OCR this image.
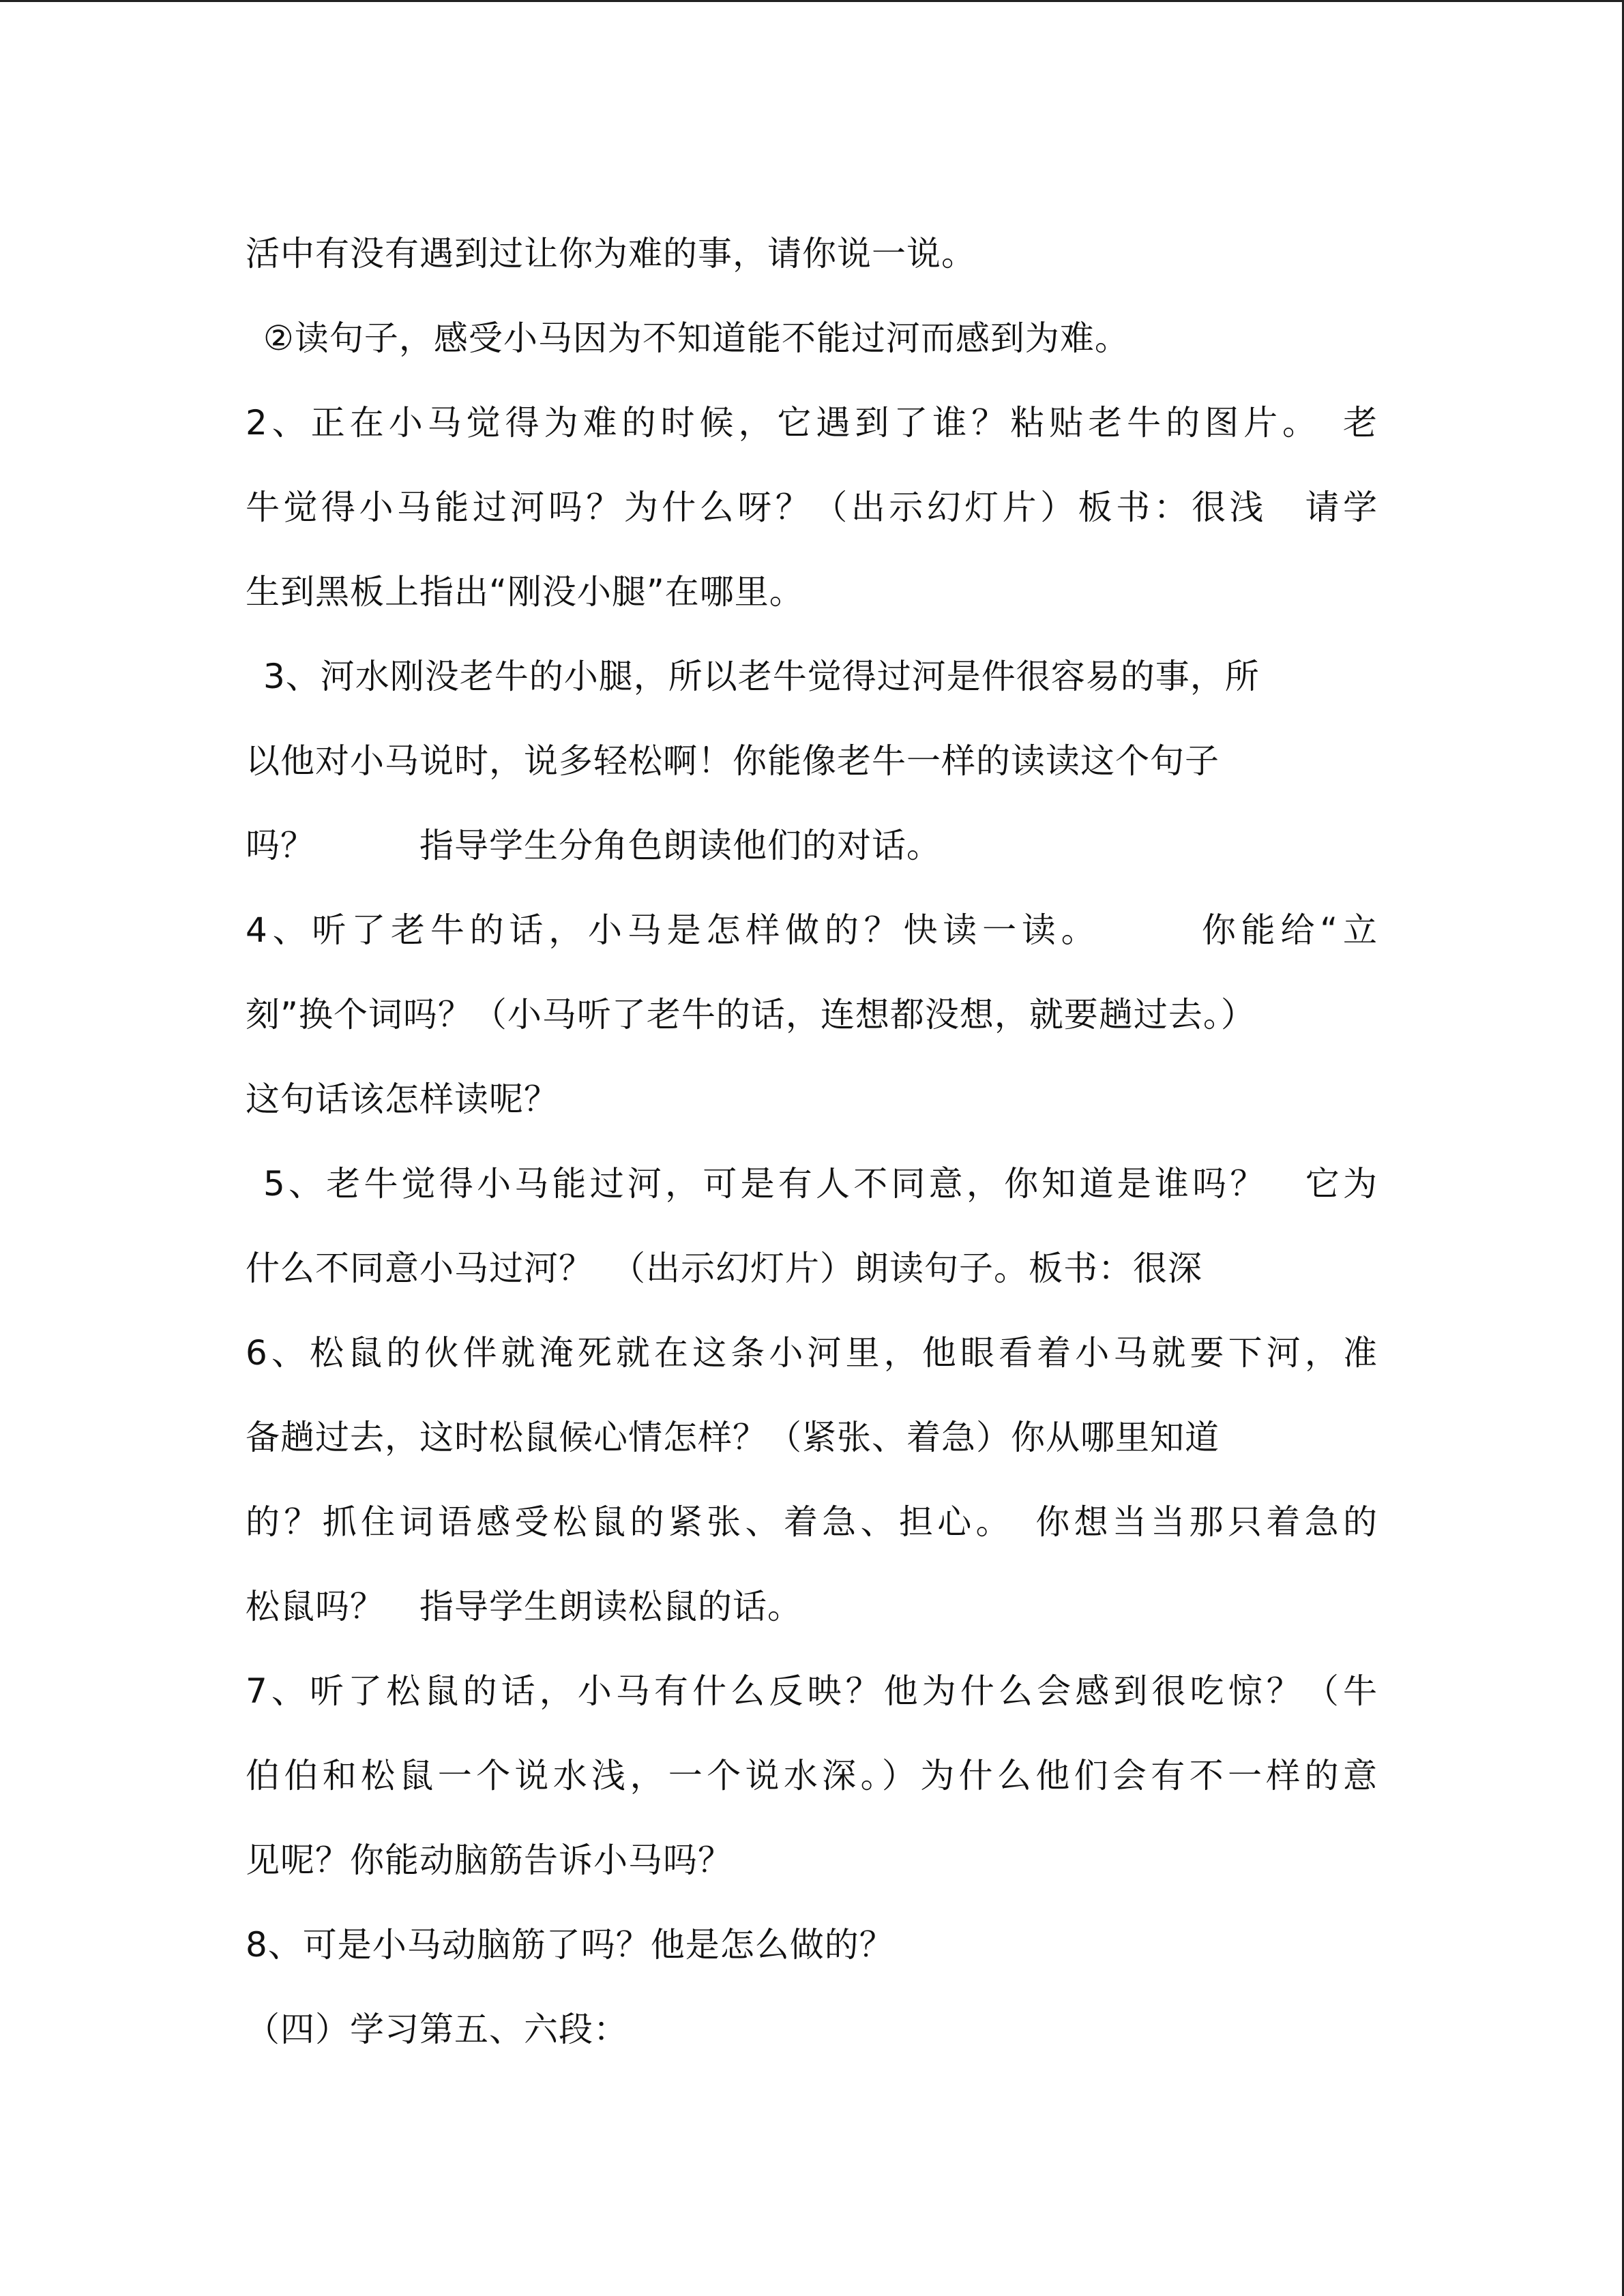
活中有没有遇到过让你为难的事，请你说一说。
②读句子，感受小马因为不知道能不能过河而感到为难。
2、正在小马觉得为难的时候，它遇到了谁？粘贴老牛的图片。　老
牛觉得小马能过河吗？为什么呀？（出示幻灯片）板书：很浅　请学
生到黑板上指出“刚没小腿”在哪里。
3、河水刚没老牛的小腿，所以老牛觉得过河是件很容易的事，所
以他对小马说时，说多轻松啊！你能像老牛一样的读读这个句子
吗？　　　指导学生分角色朗读他们的对话。
4、听了老牛的话，小马是怎样做的？快读一读。　　　你能给“立
刻”换个词吗？（小马听了老牛的话，连想都没想，就要趟过去。）
这句话该怎样读呢？
5、老牛觉得小马能过河，可是有人不同意，你知道是谁吗？　它为
什么不同意小马过河？　（出示幻灯片）朗读句子。板书：很深
6、松鼠的伙伴就淹死就在这条小河里，他眼看着小马就要下河，准
备趟过去，这时松鼠候心情怎样？（紧张、着急）你从哪里知道
的？抓住词语感受松鼠的紧张、着急、担心。　你想当当那只着急的
松鼠吗？　指导学生朗读松鼠的话。
7、听了松鼠的话，小马有什么反映？他为什么会感到很吃惊？（牛
伯伯和松鼠一个说水浅，一个说水深。）为什么他们会有不一样的意
见呢？你能动脑筋告诉小马吗？
8、可是小马动脑筋了吗？他是怎么做的？
（四）学习第五、六段：
